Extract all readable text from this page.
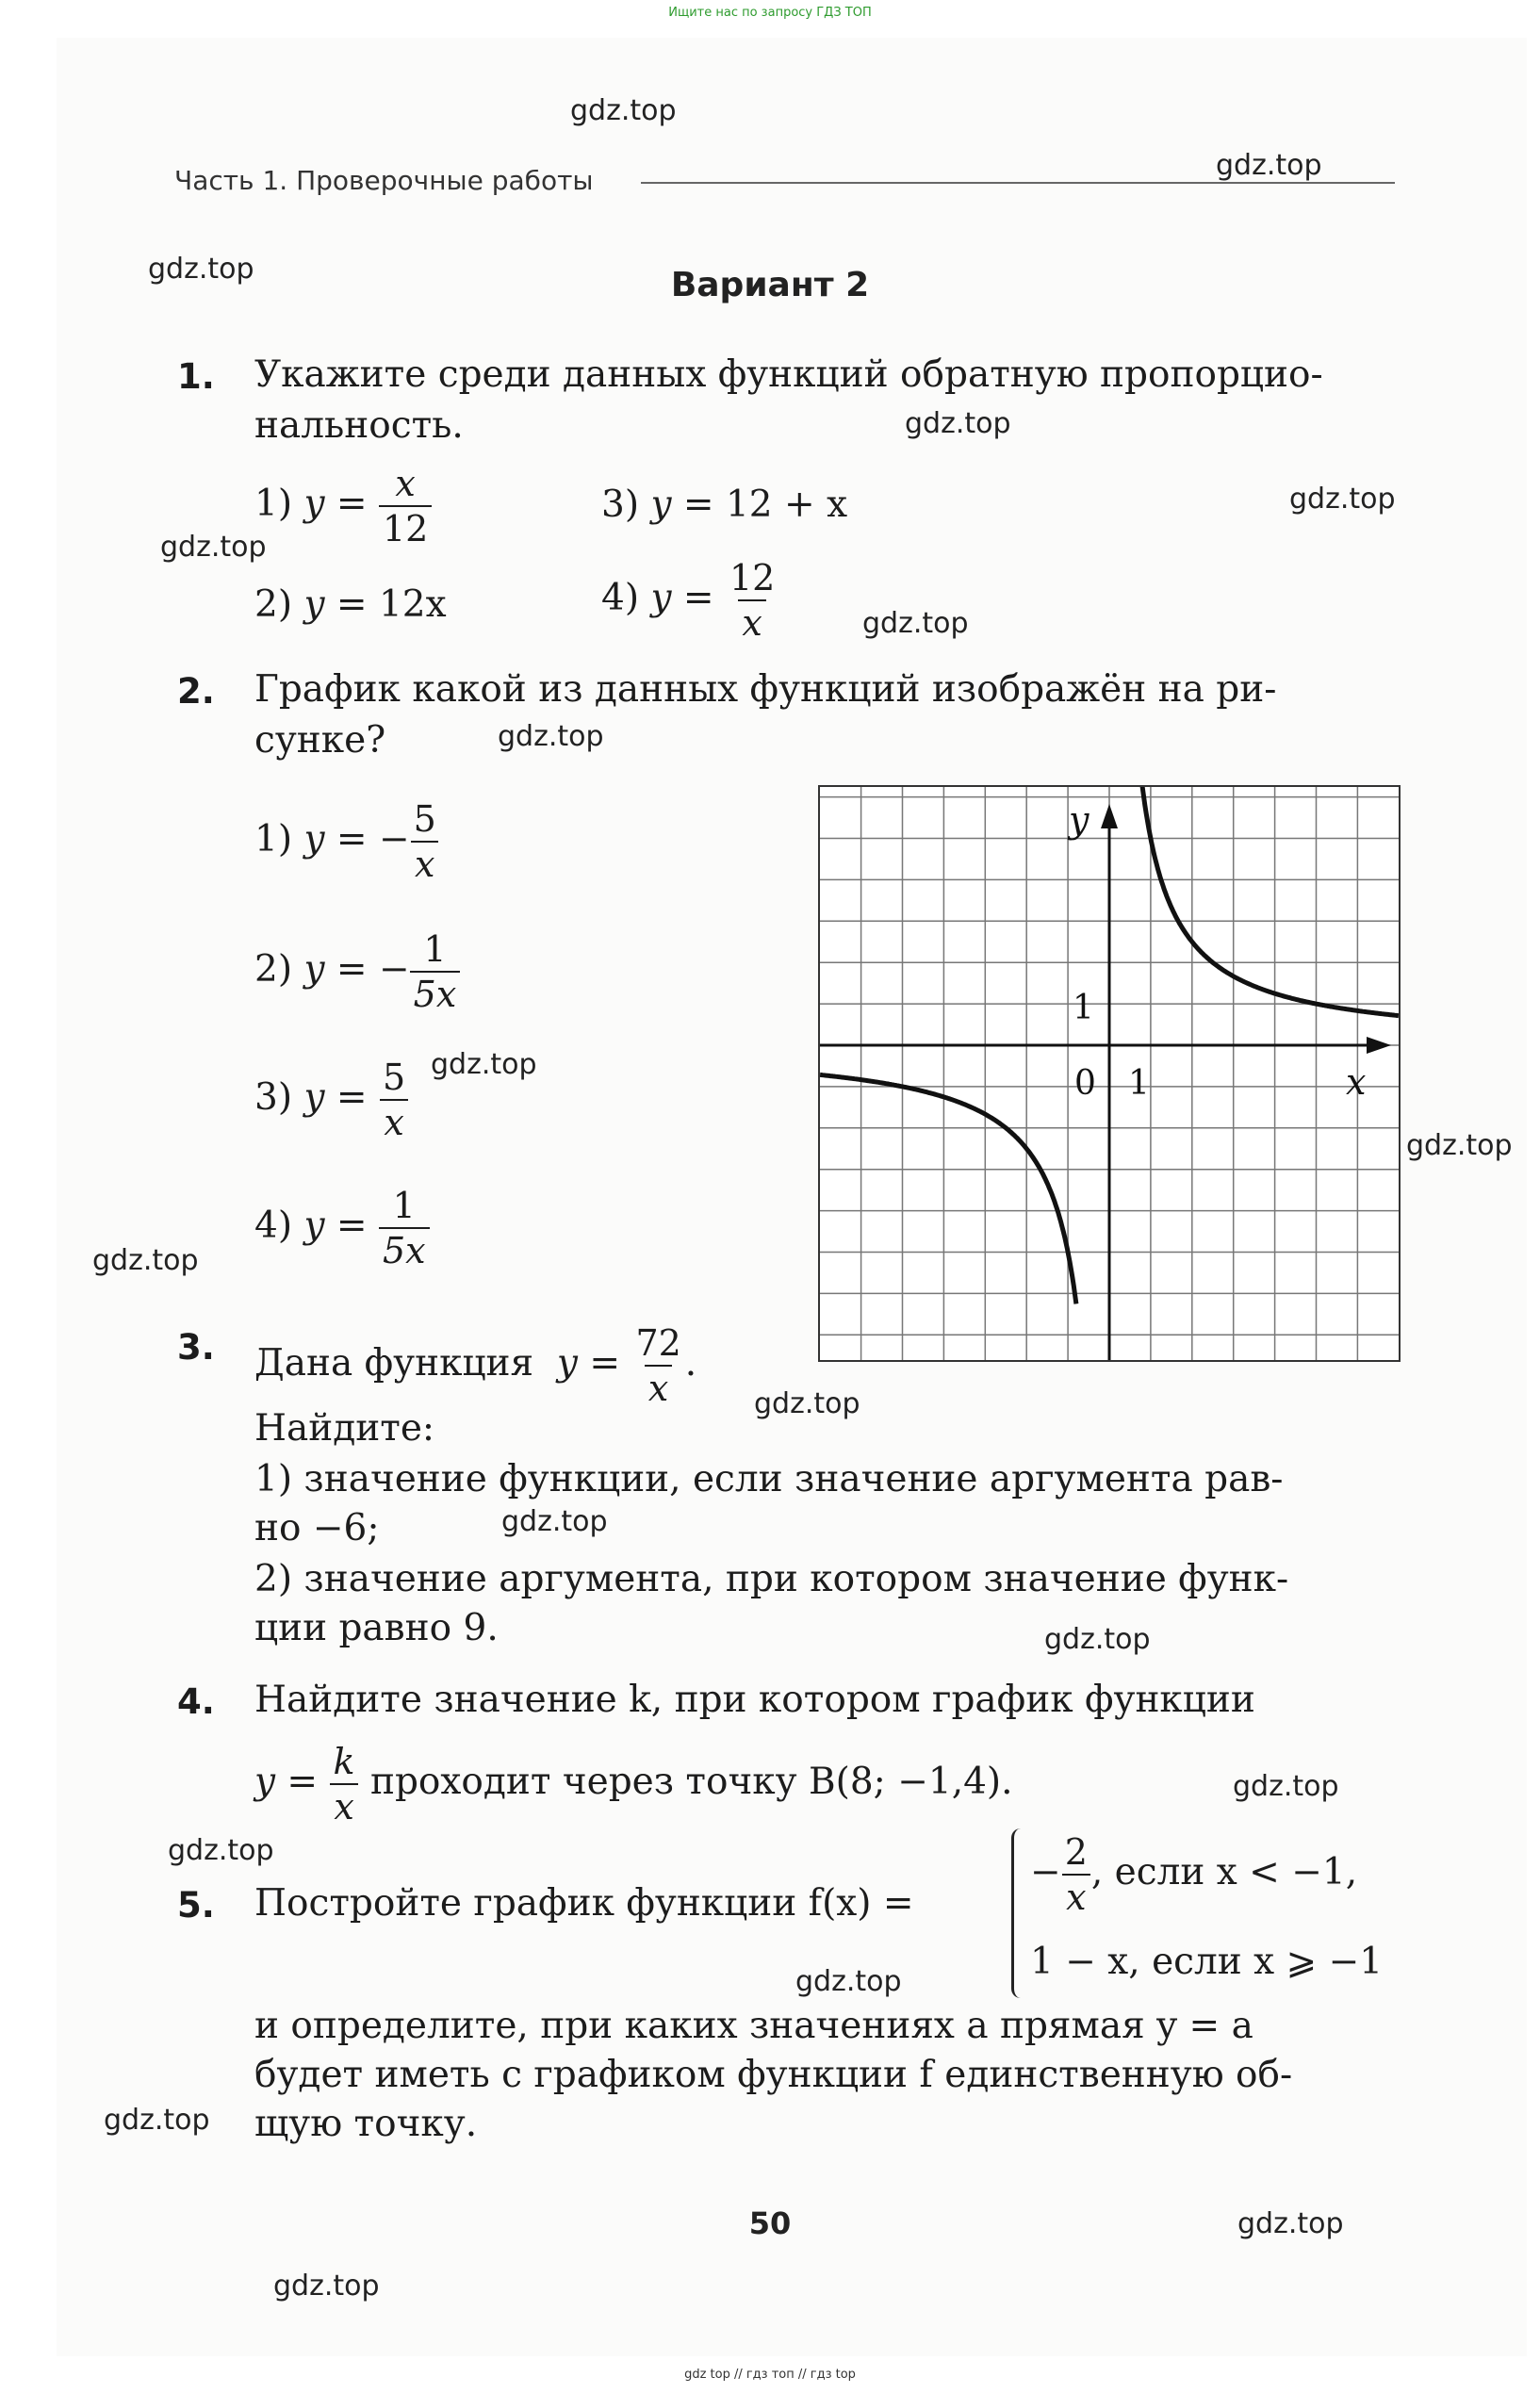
Ищите нас по запросу ГДЗ ТОП
gdz.top
gdz.top
gdz.top
gdz.top
gdz.top
gdz.top
gdz.top
gdz.top
gdz.top
gdz.top
gdz.top
gdz.top
gdz.top
gdz.top
gdz.top
gdz.top
gdz.top
gdz.top
gdz.top
gdz.top
Часть 1. Проверочные работы
Вариант 2
1. Укажите среди данных функций обратную пропорцио-
нальность.
1) $y = \frac{x}{12}$	3) y = 12 + x
2) y = 12x	4) $y = \frac{12}{x}$
2. График какой из данных функций изображён на ри-
сунке?
1) y = − $\frac{5}{x}$
2) y = − $\frac{1}{5x}$
3) $y = \frac{5}{x}$
4) $y = \frac{1}{5x}$
y
x
1
1
0
3. Дана функция $y = \frac{72}{x}$ .
Найдите:
1) значение функции, если значение аргумента рав-
но −6;
2) значение аргумента, при котором значение функ-
ции равно 9.
4. Найдите значение k, при котором график функции
$y = \frac{k}{x}$ проходит через точку B(8; −1,4).
5. Постройте график функции f(x) =
− $\frac{2}{x}$ , если x < −1,
1 − x, если x ⩾ −1
и определите, при каких значениях a прямая y = a
будет иметь с графиком функции f единственную об-
щую точку.
50
gdz top // гдз топ // гдз top
